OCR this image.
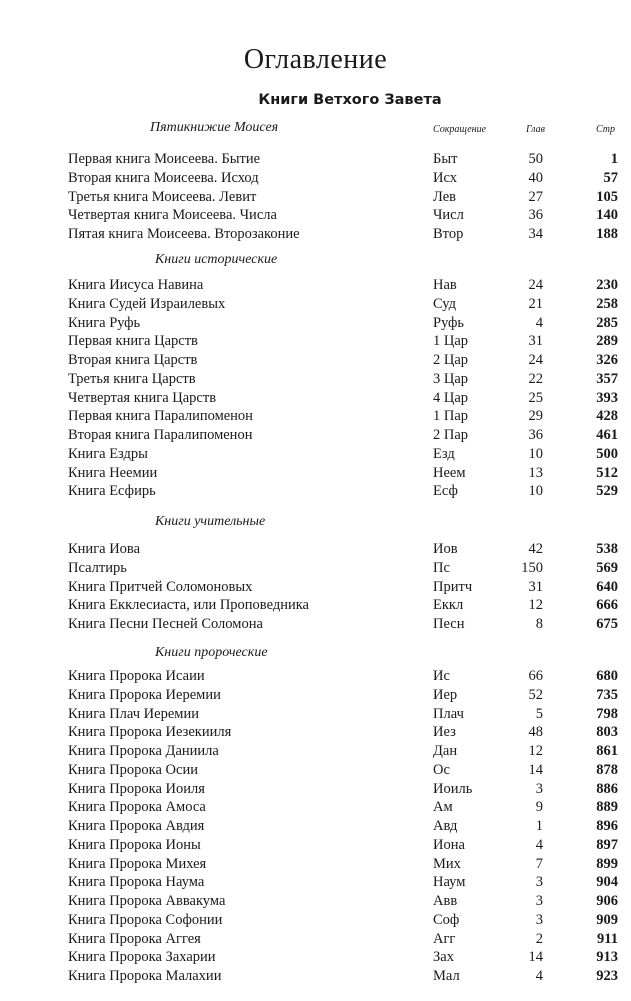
Оглавление
Книги Ветхого Завета
Пятикнижие Моисея	Сокращение	Глав	Стр
Первая книга Моисеева. Бытие	Быт	50	1
Вторая книга Моисеева. Исход	Исх	40	57
Третья книга Моисеева. Левит	Лев	27	105
Четвертая книга Моисеева. Числа	Числ	36	140
Пятая книга Моисеева. Второзаконие	Втор	34	188
Книги исторические
Книга Иисуса Навина	Нав	24	230
Книга Судей Израилевых	Суд	21	258
Книга Руфь	Руфь	4	285
Первая книга Царств	1 Цар	31	289
Вторая книга Царств	2 Цар	24	326
Третья книга Царств	3 Цар	22	357
Четвертая книга Царств	4 Цар	25	393
Первая книга Паралипоменон	1 Пар	29	428
Вторая книга Паралипоменон	2 Пар	36	461
Книга Ездры	Езд	10	500
Книга Неемии	Неем	13	512
Книга Есфирь	Есф	10	529
Книги учительные
Книга Иова	Иов	42	538
Псалтирь	Пс	150	569
Книга Притчей Соломоновых	Притч	31	640
Книга Екклесиаста, или Проповедника	Еккл	12	666
Книга Песни Песней Соломона	Песн	8	675
Книги пророческие
Книга Пророка Исаии	Ис	66	680
Книга Пророка Иеремии	Иер	52	735
Книга Плач Иеремии	Плач	5	798
Книга Пророка Иезекииля	Иез	48	803
Книга Пророка Даниила	Дан	12	861
Книга Пророка Осии	Ос	14	878
Книга Пророка Иоиля	Иоиль	3	886
Книга Пророка Амоса	Ам	9	889
Книга Пророка Авдия	Авд	1	896
Книга Пророка Ионы	Иона	4	897
Книга Пророка Михея	Мих	7	899
Книга Пророка Наума	Наум	3	904
Книга Пророка Аввакума	Авв	3	906
Книга Пророка Софонии	Соф	3	909
Книга Пророка Аггея	Агг	2	911
Книга Пророка Захарии	Зах	14	913
Книга Пророка Малахии	Мал	4	923
